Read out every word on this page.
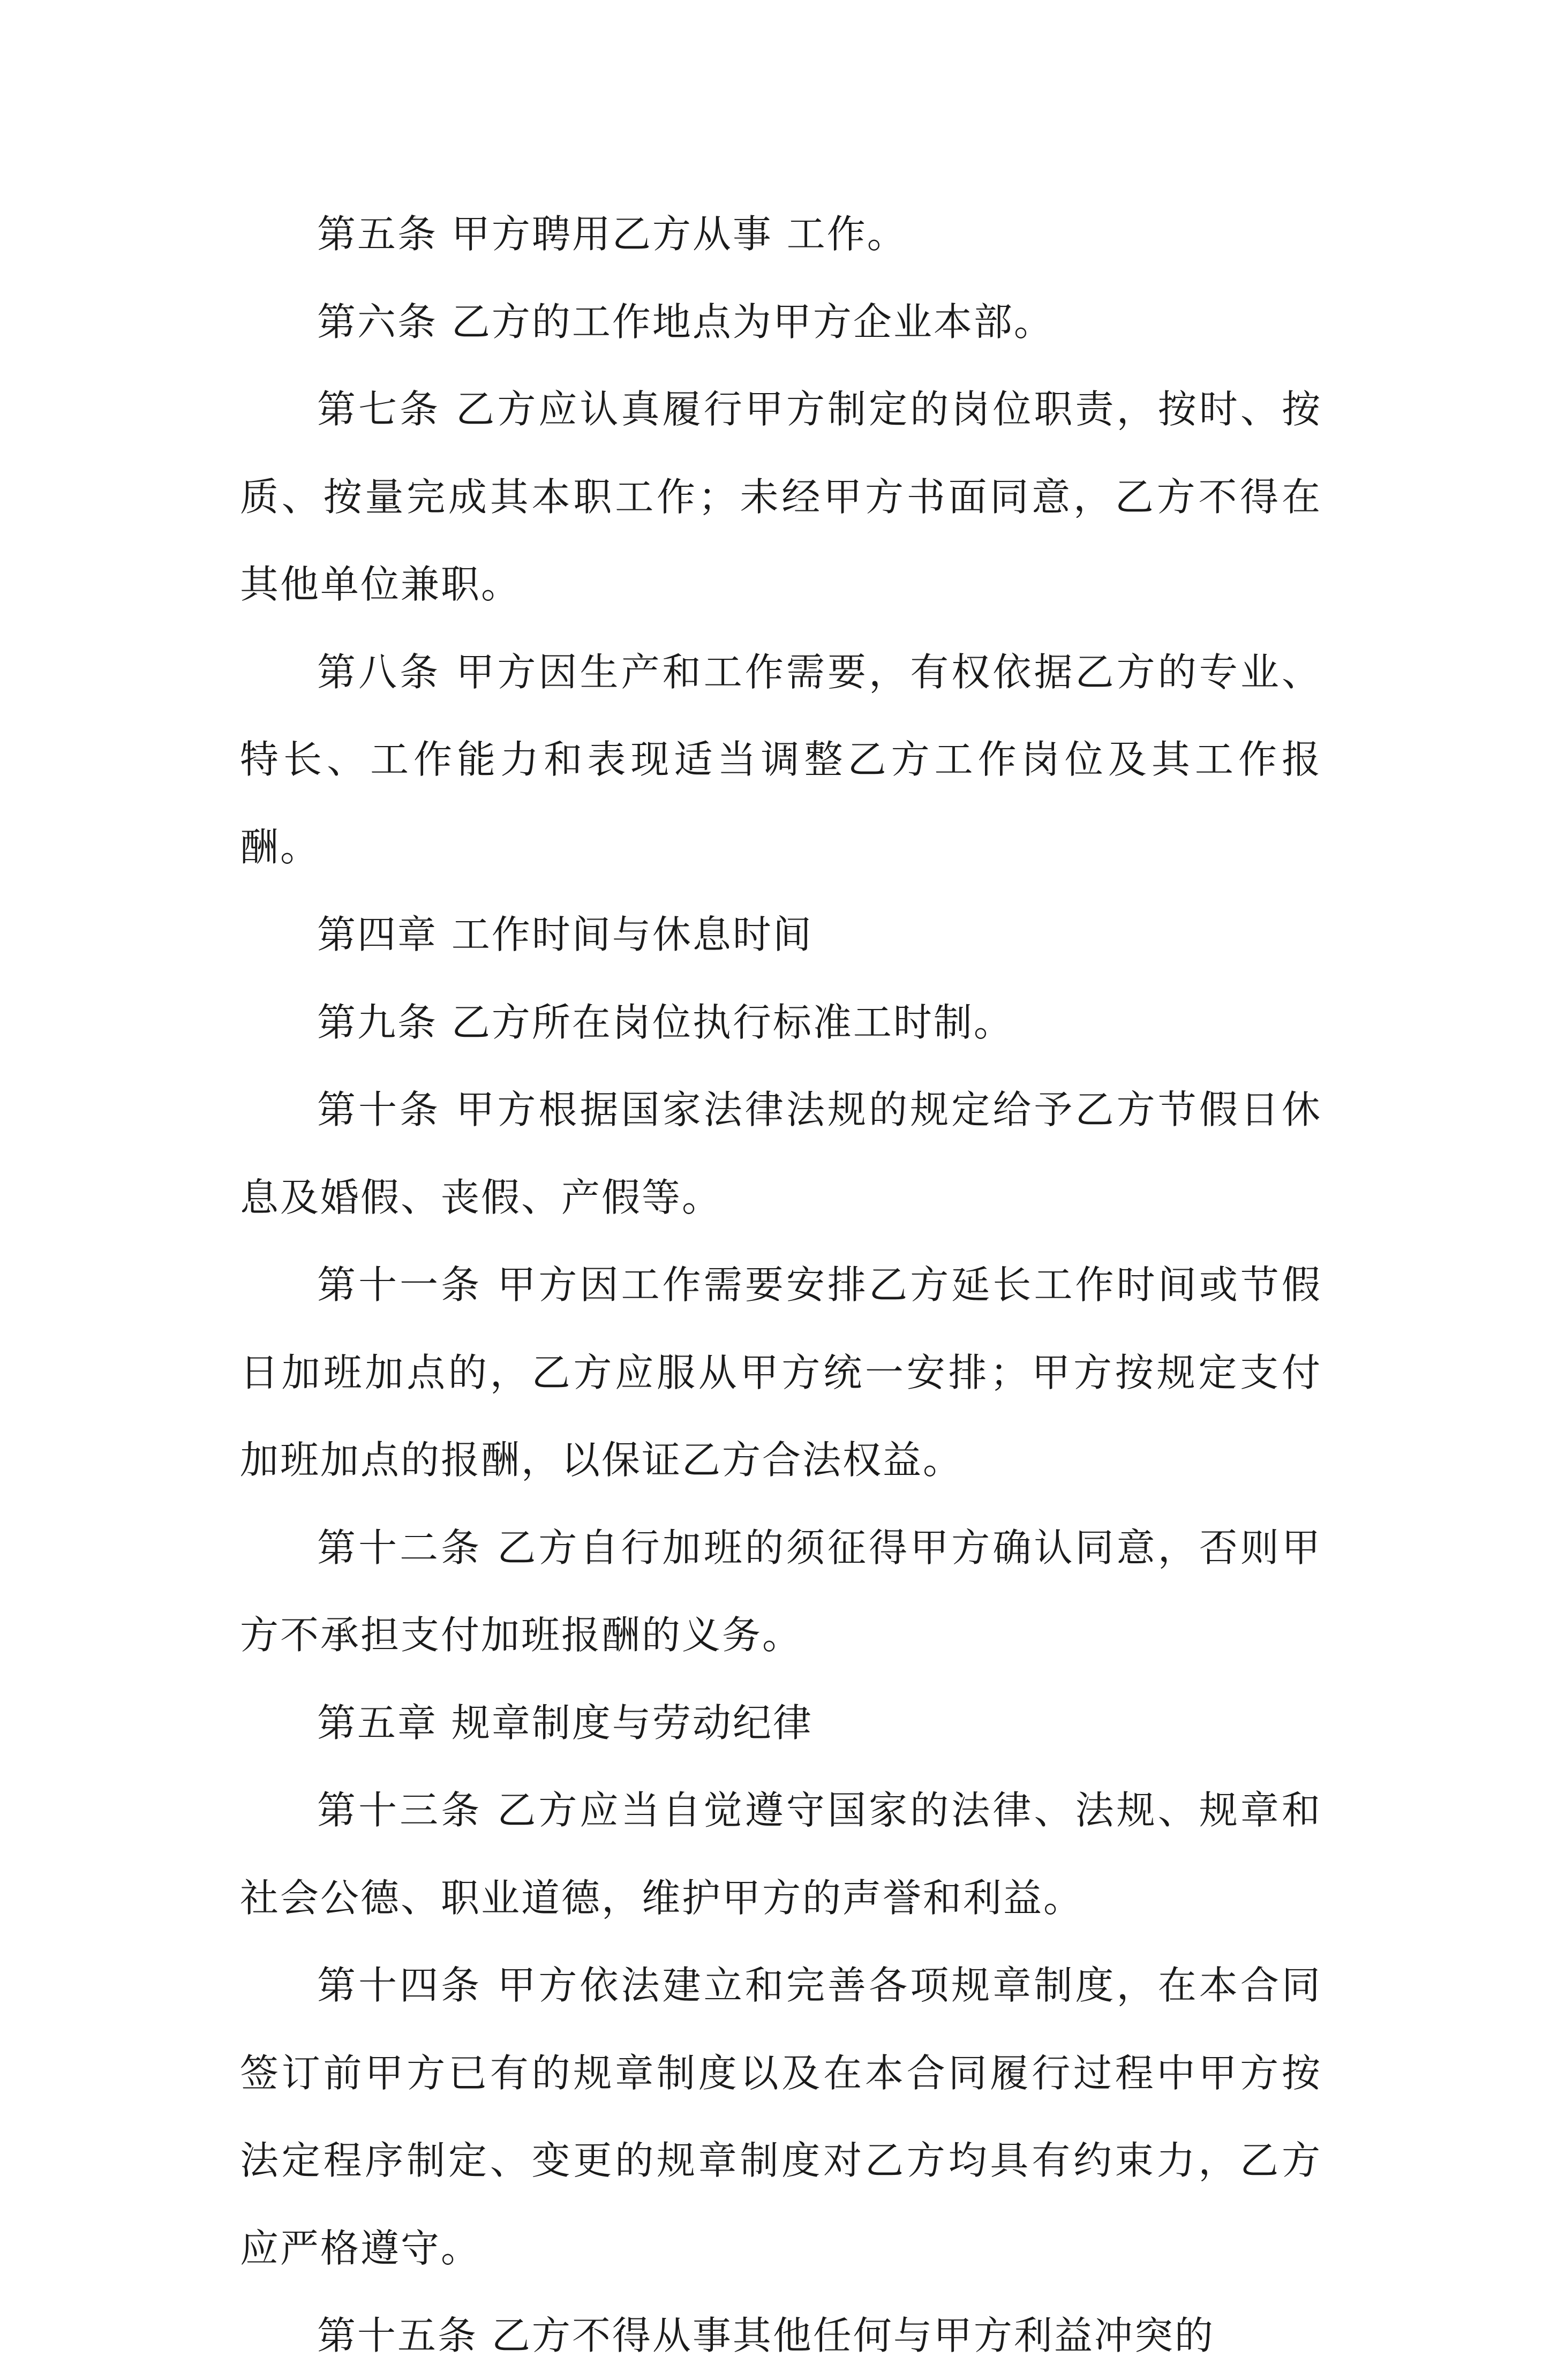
第五条 甲方聘用乙方从事 工作。

第六条 乙方的工作地点为甲方企业本部。

第七条 乙方应认真履行甲方制定的岗位职责，按时、按质、按量完成其本职工作；未经甲方书面同意，乙方不得在其他单位兼职。

第八条 甲方因生产和工作需要，有权依据乙方的专业、特长、工作能力和表现适当调整乙方工作岗位及其工作报酬。

第四章 工作时间与休息时间

第九条 乙方所在岗位执行标准工时制。

第十条 甲方根据国家法律法规的规定给予乙方节假日休息及婚假、丧假、产假等。

第十一条 甲方因工作需要安排乙方延长工作时间或节假日加班加点的，乙方应服从甲方统一安排；甲方按规定支付加班加点的报酬，以保证乙方合法权益。

第十二条 乙方自行加班的须征得甲方确认同意，否则甲方不承担支付加班报酬的义务。

第五章 规章制度与劳动纪律

第十三条 乙方应当自觉遵守国家的法律、法规、规章和社会公德、职业道德，维护甲方的声誉和利益。

第十四条 甲方依法建立和完善各项规章制度，在本合同签订前甲方已有的规章制度以及在本合同履行过程中甲方按法定程序制定、变更的规章制度对乙方均具有约束力，乙方应严格遵守。

第十五条 乙方不得从事其他任何与甲方利益冲突的
